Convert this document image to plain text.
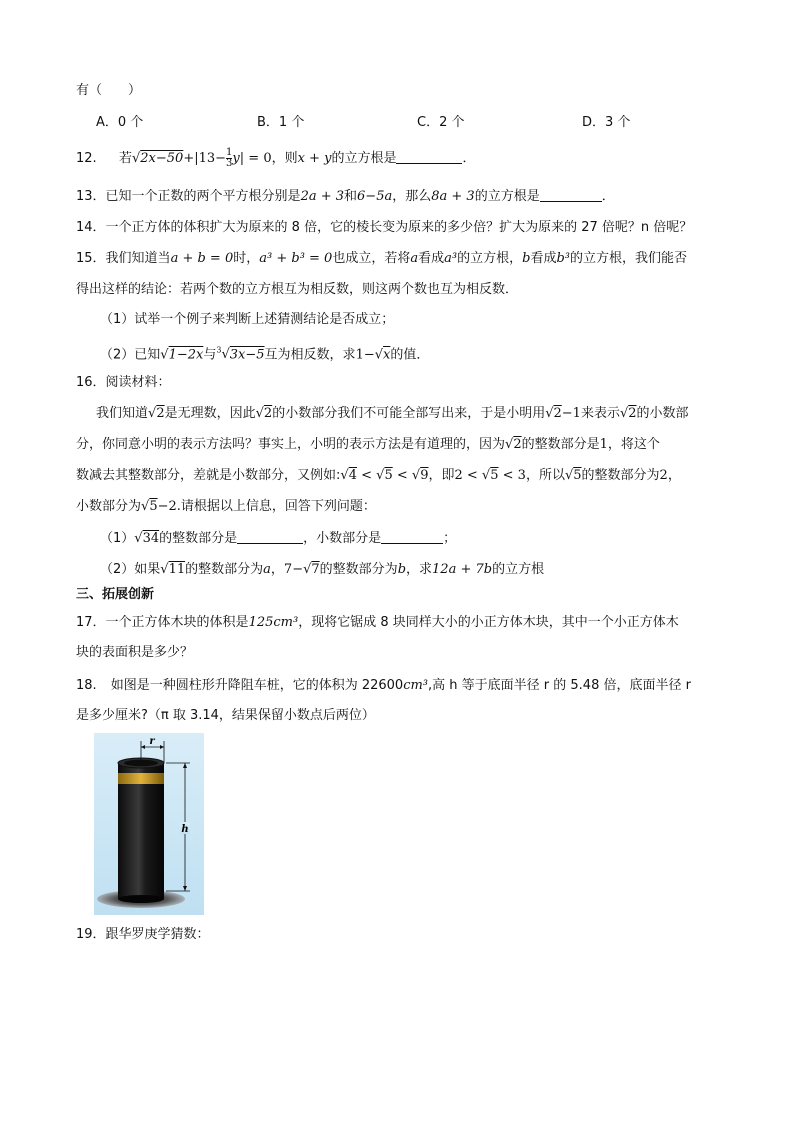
有（　　）
A．0 个	B．1 个	C．2 个	D．3 个
12. 若$√2x-50+|13- \frac{1}{3} y| = 0$，则x + y的立方根是	．
13．已知一个正数的两个平方根分别是2a + 3和6−5a，那么8a + 3的立方根是	．
14．一个正方体的体积扩大为原来的 8 倍，它的棱长变为原来的多少倍？扩大为原来的 27 倍呢？n 倍呢？
15．我们知道当a + b = 0时，a³ + b³ = 0也成立，若将a看成a³的立方根，b看成b³的立方根，我们能否
得出这样的结论：若两个数的立方根互为相反数，则这两个数也互为相反数．
（1）试举一个例子来判断上述猜测结论是否成立；
（2）已知√1−2x与$^3$√3x−5互为相反数，求1−√x的值．
16．阅读材料：
我们知道√2是无理数，因此√2的小数部分我们不可能全部写出来，于是小明用√2−1来表示√2的小数部
分，你同意小明的表示方法吗？事实上，小明的表示方法是有道理的，因为√2的整数部分是1，将这个
数减去其整数部分，差就是小数部分，又例如:√4 < √5 < √9，即2 < √5 < 3，所以√5的整数部分为2，
小数部分为√5−2.请根据以上信息，回答下列问题：
（1）√34的整数部分是	，小数部分是	；
（2）如果√11的整数部分为a，7−√7的整数部分为b，求12a + 7b的立方根
三、拓展创新
17．一个正方体木块的体积是125cm³，现将它锯成 8 块同样大小的小正方体木块，其中一个小正方体木
块的表面积是多少？
18. 如图是一种圆柱形升降阻车桩，它的体积为 22600cm³,高 h 等于底面半径 r 的 5.48 倍，底面半径 r
是多少厘米?（π 取 3.14，结果保留小数点后两位）
r
h
19．跟华罗庚学猜数：
